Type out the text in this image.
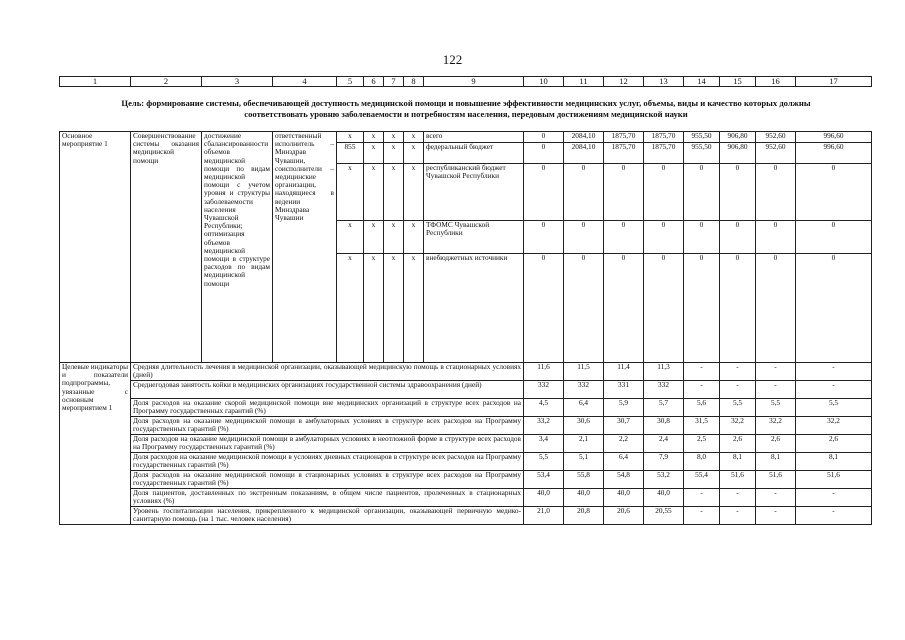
122
1	2	3	4	5	6	7	8	9	10	11	12	13	14	15	16	17
Цель: формирование системы, обеспечивающей доступность медицинской помощи и повышение эффективности медицинских услуг, объемы, виды и качество которых должны соответствовать уровню заболеваемости и потребностям населения, передовым достижениям медицинской науки
Основное мероприятие 1	Совершенствование системы оказания медицинской помощи	достижение сбалансированности объемов медицинской помощи по видам медицинской помощи с учетом уровня и структуры заболеваемости населения Чувашской Республики; оптимизация объемов медицинской помощи в структуре расходов по видам медицинской помощи	ответственный исполнитель – Минздрав Чувашии, соисполнители – медицинские организации, находящиеся в ведении Минздрава Чувашии	x	x	x	x	всего	0	2084,10	1875,70	1875,70	955,50	906,80	952,60	996,60
				855	x	x	x	федеральный бюджет	0	2084,10	1875,70	1875,70	955,50	906,80	952,60	996,60
				x	x	x	x	республиканский бюджет Чувашской Республики	0	0	0	0	0	0	0	0
				x	x	x	x	ТФОМС Чувашской Республики	0	0	0	0	0	0	0	0
				x	x	x	x	внебюджетных источники	0	0	0	0	0	0	0	0
Целевые индикаторы и показатели подпрограммы, увязанные с основным мероприятием 1	Средняя длительность лечения в медицинской организации, оказывающей медицинскую помощь в стационарных условиях (дней)								11,6	11,5	11,4	11,3	-	-	-	-
	Среднегодовая занятость койки в медицинских организациях государственной системы здравоохранения (дней)								332	332	331	332	-	-	-	-
	Доля расходов на оказание скорой медицинской помощи вне медицинских организаций в структуре всех расходов на Программу государственных гарантий (%)								4,5	6,4	5,9	5,7	5,6	5,5	5,5	5,5
	Доля расходов на оказание медицинской помощи в амбулаторных условиях в структуре всех расходов на Программу государственных гарантий (%)								33,2	30,6	30,7	30,8	31,5	32,2	32,2	32,2
	Доля расходов на оказание медицинской помощи в амбулаторных условиях в неотложной форме в структуре всех расходов на Программу государственных гарантий (%)								3,4	2,1	2,2	2,4	2,5	2,6	2,6	2,6
	Доля расходов на оказание медицинской помощи в условиях дневных стационаров в структуре всех расходов на Программу государственных гарантий (%)								5,5	5,1	6,4	7,9	8,0	8,1	8,1	8,1
	Доля расходов на оказание медицинской помощи в стационарных условиях в структуре всех расходов на Программу государственных гарантий (%)								53,4	55,8	54,8	53,2	55,4	51,6	51,6	51,6
	Доля пациентов, доставленных по экстренным показаниям, в общем числе пациентов, пролеченных в стационарных условиях (%)								40,0	40,0	40,0	40,0	-	-	-	-
	Уровень госпитализации населения, прикрепленного к медицинской организации, оказывающей первичную медико-санитарную помощь (на 1 тыс. человек населения)								21,0	20,8	20,6	20,55	-	-	-	-
